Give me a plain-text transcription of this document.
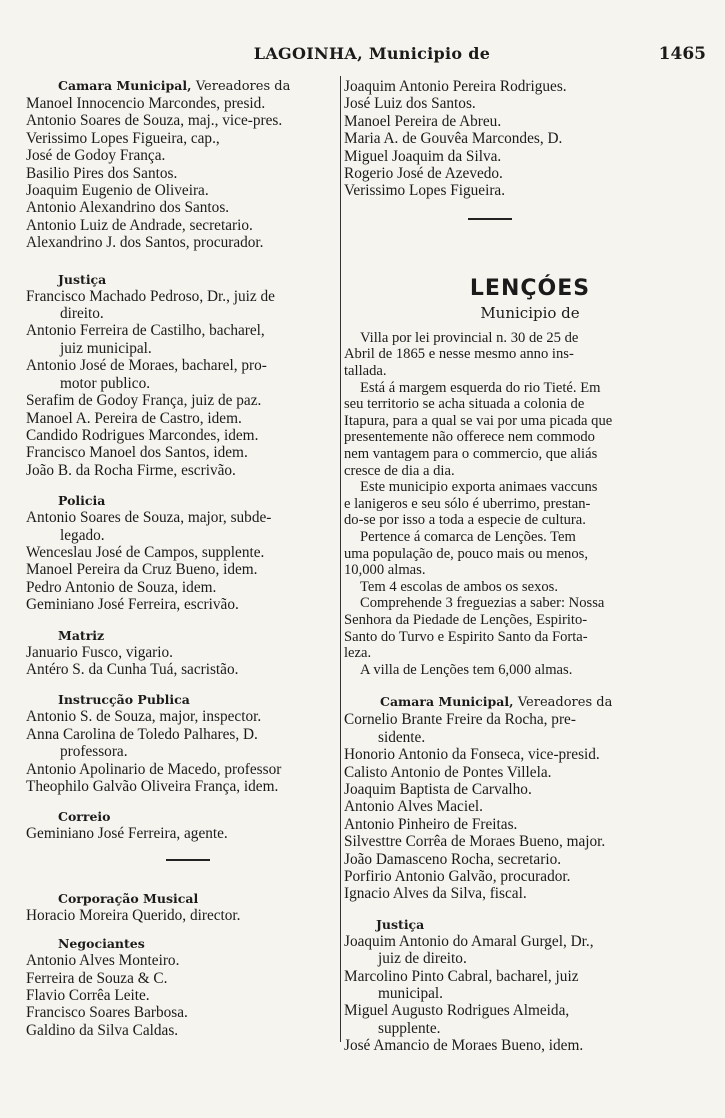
LAGOINHA, Municipio de	1465
Camara Municipal, Vereadores da
Manoel Innocencio Marcondes, presid.
Antonio Soares de Souza, maj., vice-pres.
Verissimo Lopes Figueira, cap.,
José de Godoy França.
Basilio Pires dos Santos.
Joaquim Eugenio de Oliveira.
Antonio Alexandrino dos Santos.
Antonio Luiz de Andrade, secretario.
Alexandrino J. dos Santos, procurador.
Justiça
Francisco Machado Pedroso, Dr., juiz de
direito.
Antonio Ferreira de Castilho, bacharel,
juiz municipal.
Antonio José de Moraes, bacharel, pro-
motor publico.
Serafim de Godoy França, juiz de paz.
Manoel A. Pereira de Castro, idem.
Candido Rodrigues Marcondes, idem.
Francisco Manoel dos Santos, idem.
João B. da Rocha Firme, escrivão.
Policia
Antonio Soares de Souza, major, subde-
legado.
Wenceslau José de Campos, supplente.
Manoel Pereira da Cruz Bueno, idem.
Pedro Antonio de Souza, idem.
Geminiano José Ferreira, escrivão.
Matriz
Januario Fusco, vigario.
Antéro S. da Cunha Tuá, sacristão.
Instrucção Publica
Antonio S. de Souza, major, inspector.
Anna Carolina de Toledo Palhares, D.
professora.
Antonio Apolinario de Macedo, professor
Theophilo Galvão Oliveira França, idem.
Correio
Geminiano José Ferreira, agente.
Corporação Musical
Horacio Moreira Querido, director.
Negociantes
Antonio Alves Monteiro.
Ferreira de Souza & C.
Flavio Corrêa Leite.
Francisco Soares Barbosa.
Galdino da Silva Caldas.
Joaquim Antonio Pereira Rodrigues.
José Luiz dos Santos.
Manoel Pereira de Abreu.
Maria A. de Gouvêa Marcondes, D.
Miguel Joaquim da Silva.
Rogerio José de Azevedo.
Verissimo Lopes Figueira.
LENÇÓES
Municipio de
Villa por lei provincial n. 30 de 25 de
Abril de 1865 e nesse mesmo anno ins-
tallada.
Está á margem esquerda do rio Tieté. Em
seu territorio se acha situada a colonia de
Itapura, para a qual se vai por uma picada que
presentemente não offerece nem commodo
nem vantagem para o commercio, que aliás
cresce de dia a dia.
Este municipio exporta animaes vaccuns
e lanigeros e seu sólo é uberrimo, prestan-
do-se por isso a toda a especie de cultura.
Pertence á comarca de Lenções. Tem
uma população de, pouco mais ou menos,
10,000 almas.
Tem 4 escolas de ambos os sexos.
Comprehende 3 freguezias a saber: Nossa
Senhora da Piedade de Lenções, Espirito-
Santo do Turvo e Espirito Santo da Forta-
leza.
A villa de Lenções tem 6,000 almas.
Camara Municipal, Vereadores da
Cornelio Brante Freire da Rocha, pre-
sidente.
Honorio Antonio da Fonseca, vice-presid.
Calisto Antonio de Pontes Villela.
Joaquim Baptista de Carvalho.
Antonio Alves Maciel.
Antonio Pinheiro de Freitas.
Silvesttre Corrêa de Moraes Bueno, major.
João Damasceno Rocha, secretario.
Porfirio Antonio Galvão, procurador.
Ignacio Alves da Silva, fiscal.
Justiça
Joaquim Antonio do Amaral Gurgel, Dr.,
juiz de direito.
Marcolino Pinto Cabral, bacharel, juiz
municipal.
Miguel Augusto Rodrigues Almeida,
supplente.
José Amancio de Moraes Bueno, idem.
